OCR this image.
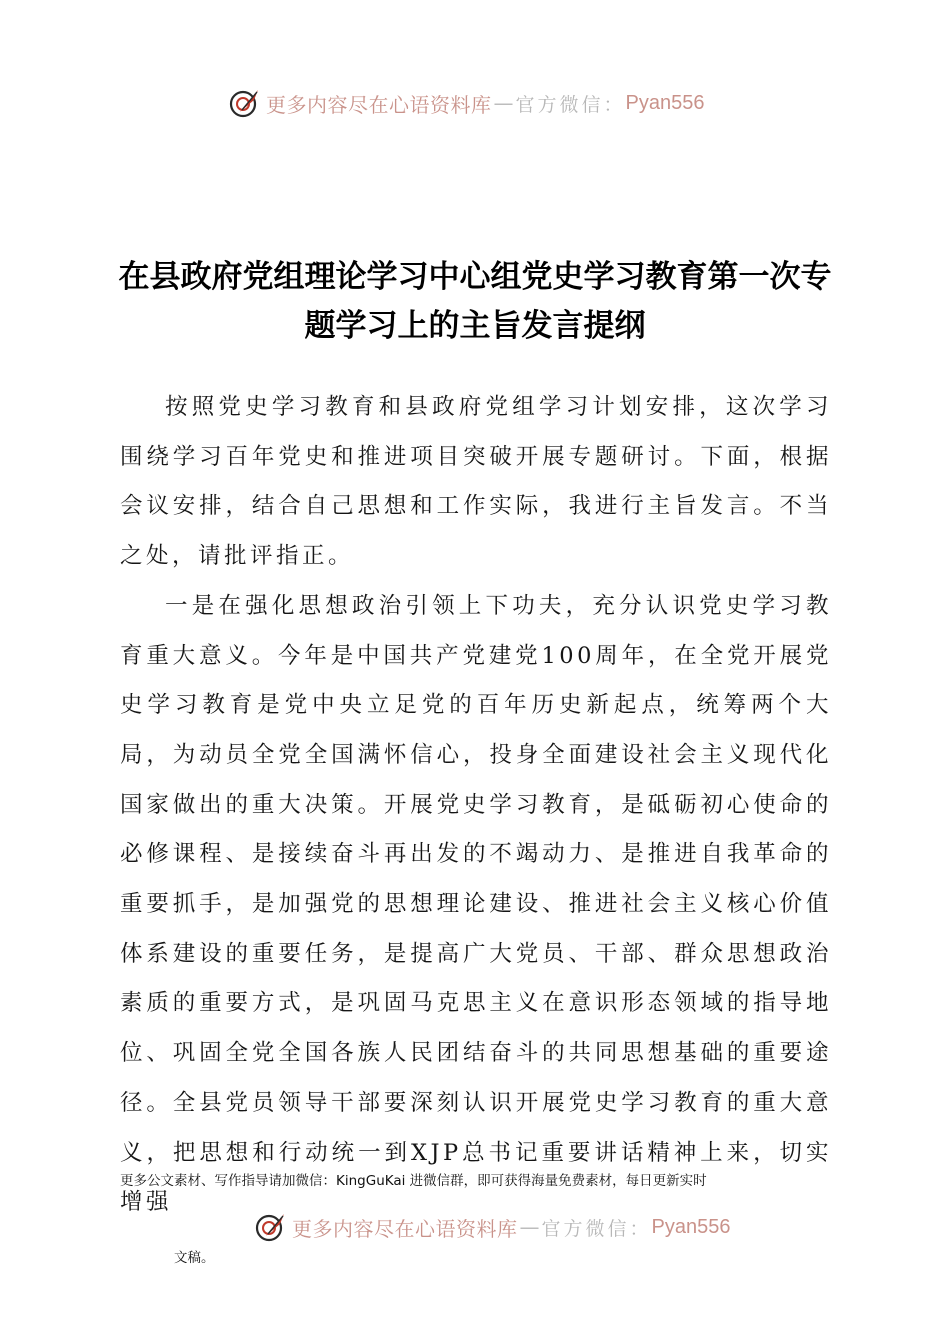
更多内容尽在心语资料库 — 官方微信： Pyan556
在县政府党组理论学习中心组党史学习教育第一次专题学习上的主旨发言提纲

按照党史学习教育和县政府党组学习计划安排，这次学习围绕学习百年党史和推进项目突破开展专题研讨。下面，根据会议安排，结合自己思想和工作实际，我进行主旨发言。不当之处，请批评指正。

一是在强化思想政治引领上下功夫，充分认识党史学习教育重大意义。今年是中国共产党建党100周年，在全党开展党史学习教育是党中央立足党的百年历史新起点，统筹两个大局，为动员全党全国满怀信心，投身全面建设社会主义现代化国家做出的重大决策。开展党史学习教育，是砥砺初心使命的必修课程、是接续奋斗再出发的不竭动力、是推进自我革命的重要抓手，是加强党的思想理论建设、推进社会主义核心价值体系建设的重要任务，是提高广大党员、干部、群众思想政治素质的重要方式，是巩固马克思主义在意识形态领域的指导地位、巩固全党全国各族人民团结奋斗的共同思想基础的重要途径。全县党员领导干部要深刻认识开展党史学习教育的重大意义，把思想和行动统一到XJP总书记重要讲话精神上来，切实增强

更多公文素材、写作指导请加微信：KingGuKai 进微信群，即可获得海量免费素材，每日更新实时
更多内容尽在心语资料库 — 官方微信： Pyan556
文稿。
